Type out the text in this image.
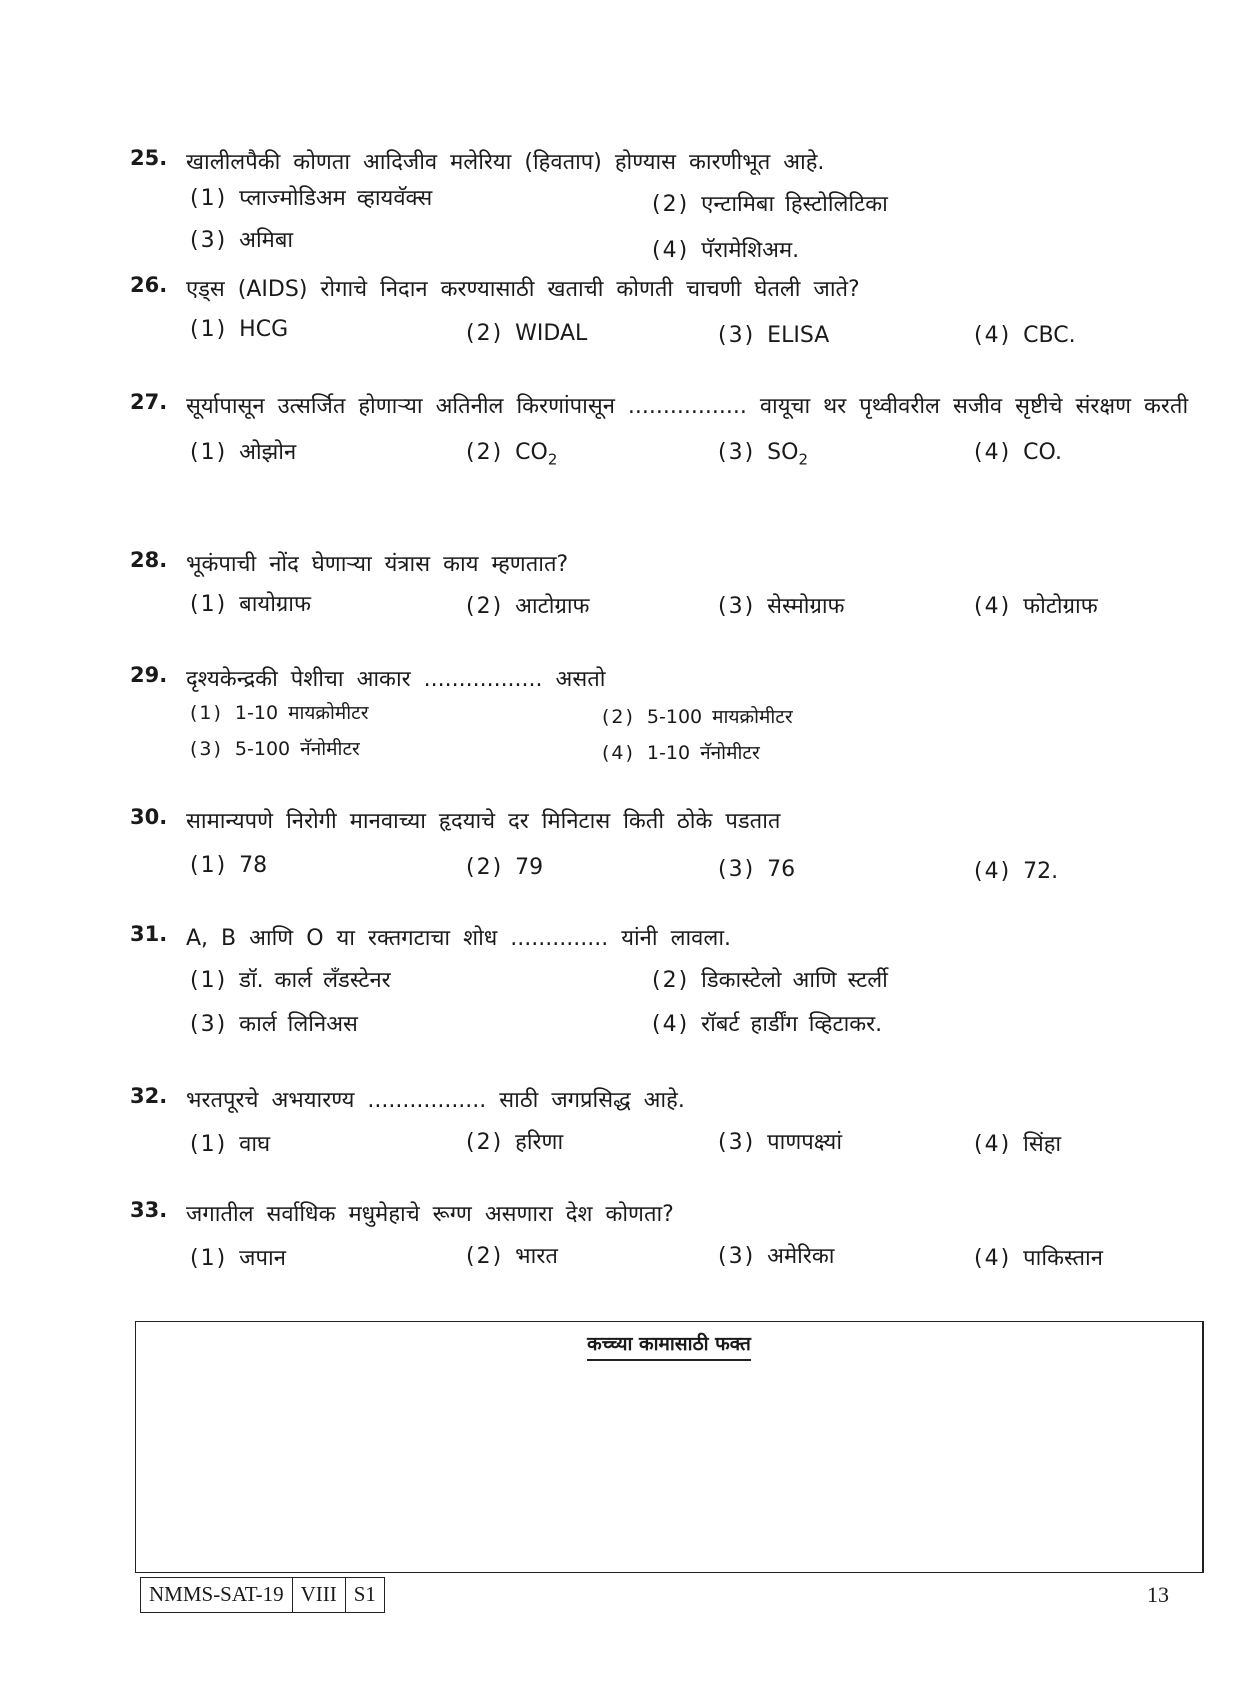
25. खालीलपैकी कोणता आदिजीव मलेरिया (हिवताप) होण्यास कारणीभूत आहे.
(1) प्लाज्मोडिअम व्हायवॅक्स	(2) एन्टामिबा हिस्टोलिटिका
(3) अमिबा	(4) पॅरामेशिअम.
26. एड्स (AIDS) रोगाचे निदान करण्यासाठी खताची कोणती चाचणी घेतली जाते?
(1) HCG	(2) WIDAL	(3) ELISA	(4) CBC.
27. सूर्यापासून उत्सर्जित होणाऱ्या अतिनील किरणांपासून ................. वायूचा थर पृथ्वीवरील सजीव सृष्टीचे संरक्षण करती
(1) ओझोन	(2) $CO_2$	(3) $SO_2$	(4) CO.
28. भूकंपाची नोंद घेणाऱ्या यंत्रास काय म्हणतात?
(1) बायोग्राफ	(2) आटोग्राफ	(3) सेस्मोग्राफ	(4) फोटोग्राफ
29. दृश्यकेन्द्रकी पेशीचा आकार ................. असतो
(1) 1-10 मायक्रोमीटर	(2) 5-100 मायक्रोमीटर
(3) 5-100 नॅनोमीटर	(4) 1-10 नॅनोमीटर
30. सामान्यपणे निरोगी मानवाच्या हृदयाचे दर मिनिटास किती ठोके पडतात
(1) 78	(2) 79	(3) 76	(4) 72.
31. A, B आणि O या रक्तगटाचा शोध .............. यांनी लावला.
(1) डॉ. कार्ल लॅंडस्टेनर	(2) डिकास्टेलो आणि स्टर्ली
(3) कार्ल लिनिअस	(4) रॉबर्ट हार्डींग व्हिटाकर.
32. भरतपूरचे अभयारण्य ................. साठी जगप्रसिद्ध आहे.
(1) वाघ	(2) हरिणा	(3) पाणपक्ष्यां	(4) सिंहा
33. जगातील सर्वाधिक मधुमेहाचे रूग्ण असणारा देश कोणता?
(1) जपान	(2) भारत	(3) अमेरिका	(4) पाकिस्तान
कच्च्या कामासाठी फक्त
NMMS-SAT-19 VIII S1	13
